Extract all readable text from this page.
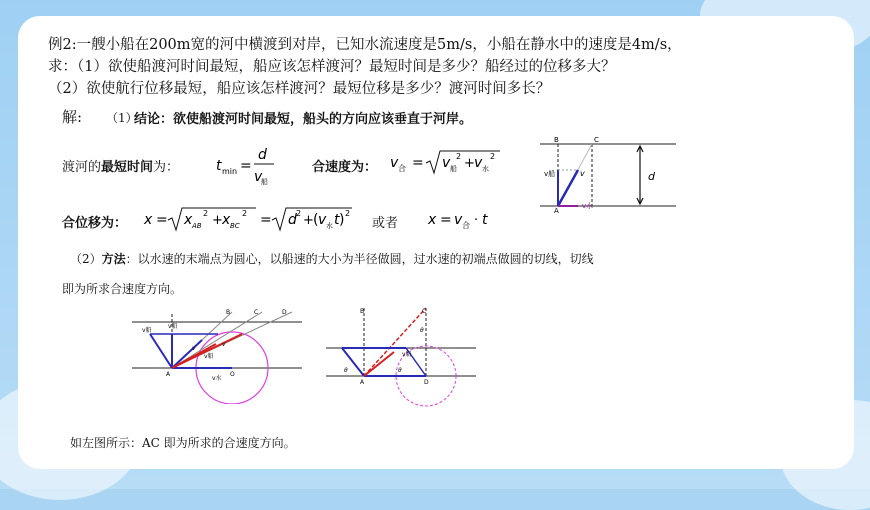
例2:一艘小船在200m宽的河中横渡到对岸，已知水流速度是5m/s，小船在静水中的速度是4m/s，
求：（1）欲使船渡河时间最短，船应该怎样渡河？最短时间是多少？船经过的位移多大？
（2）欲使航行位移最短，船应该怎样渡河？最短位移是多少？渡河时间多长？
解: （1）
结论：欲使船渡河时间最短，船头的方向应该垂直于河岸。
渡河的最短时间为：	t min =
d
v
船
合速度为： v 合 = v 船
2 + v 水
2
合位移为： x = x AB
2 + x BC
2 = d 2 + ( v 水 t ) 2
或者 x = v 合 · t
B	C
v船	v
A
v水
d
（2）方法：以水速的末端点为圆心，以船速的大小为半径做圆，过水速的初端点做圆的切线，切线
即为所求合速度方向。
B	C	D
v船
v船
v船
v
v
A
v水
O
B	C
v船
θ
θ
A
θ
D
如左图所示：AC 即为所求的合速度方向。
